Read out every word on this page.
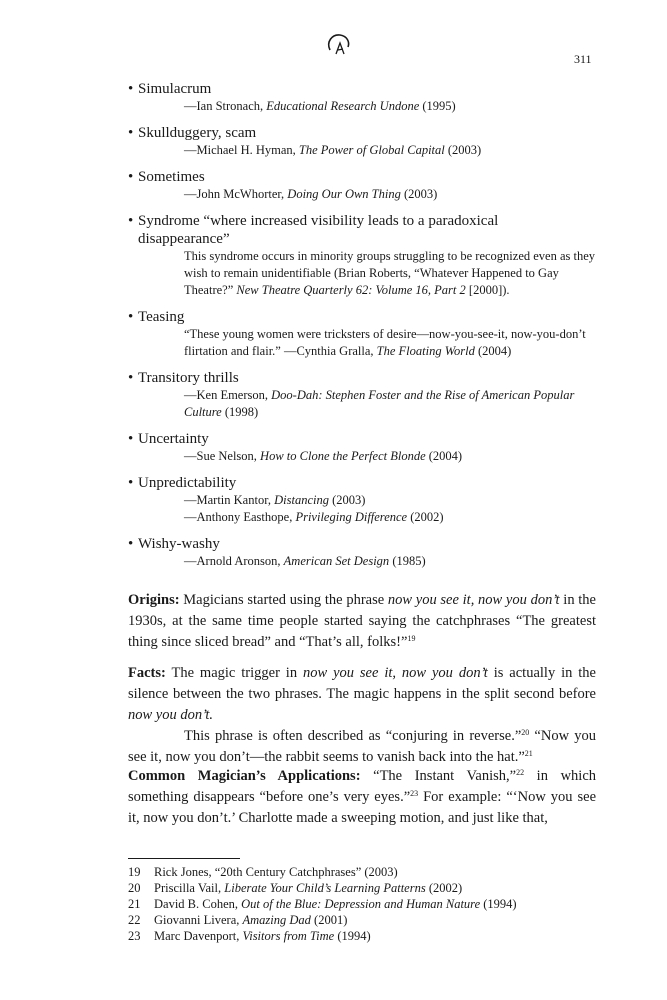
311
• Simulacrum
—Ian Stronach, Educational Research Undone (1995)
• Skullduggery, scam
—Michael H. Hyman, The Power of Global Capital (2003)
• Sometimes
—John McWhorter, Doing Our Own Thing (2003)
• Syndrome “where increased visibility leads to a paradoxical
disappearance”
This syndrome occurs in minority groups struggling to be recognized even as they wish to remain unidentifiable (Brian Roberts, “Whatever Happened to Gay Theatre?” New Theatre Quarterly 62: Volume 16, Part 2 [2000]).
• Teasing
“These young women were tricksters of desire—now-you-see-it, now-you-don’t flirtation and flair.” —Cynthia Gralla, The Floating World (2004)
• Transitory thrills
—Ken Emerson, Doo-Dah: Stephen Foster and the Rise of American Popular Culture (1998)
• Uncertainty
—Sue Nelson, How to Clone the Perfect Blonde (2004)
• Unpredictability
—Martin Kantor, Distancing (2003)
—Anthony Easthope, Privileging Difference (2002)
• Wishy-washy
—Arnold Aronson, American Set Design (1985)
Origins: Magicians started using the phrase now you see it, now you don’t in the 1930s, at the same time people started saying the catchphrases “The greatest thing since sliced bread” and “That’s all, folks!”$^{19}$
Facts: The magic trigger in now you see it, now you don’t is actually in the silence between the two phrases. The magic happens in the split second before now you don’t.
This phrase is often described as “conjuring in reverse.”$^{20}$ “Now you see it, now you don’t—the rabbit seems to vanish back into the hat.”$^{21}$
Common Magician’s Applications: “The Instant Vanish,”$^{22}$ in which something disappears “before one’s very eyes.”$^{23}$ For example: “‘Now you see it, now you don’t.’ Charlotte made a sweeping motion, and just like that,
19	Rick Jones, “20th Century Catchphrases” (2003)
20	Priscilla Vail, Liberate Your Child’s Learning Patterns (2002)
21	David B. Cohen, Out of the Blue: Depression and Human Nature (1994)
22	Giovanni Livera, Amazing Dad (2001)
23	Marc Davenport, Visitors from Time (1994)
